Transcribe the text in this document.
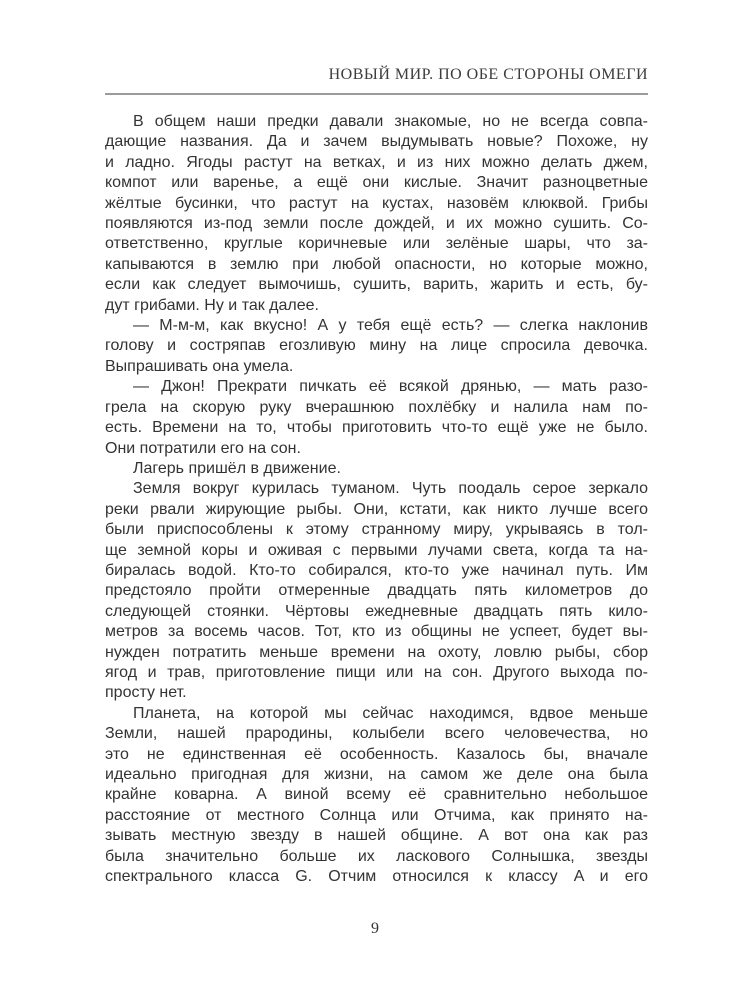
НОВЫЙ МИР. ПО ОБЕ СТОРОНЫ ОМЕГИ
В общем наши предки давали знакомые, но не всегда совпа-
дающие названия. Да и зачем выдумывать новые? Похоже, ну
и ладно. Ягоды растут на ветках, и из них можно делать джем,
компот или варенье, а ещё они кислые. Значит разноцветные
жёлтые бусинки, что растут на кустах, назовём клюквой. Грибы
появляются из-под земли после дождей, и их можно сушить. Со-
ответственно, круглые коричневые или зелёные шары, что за-
капываются в землю при любой опасности, но которые можно,
если как следует вымочишь, сушить, варить, жарить и есть, бу-
дут грибами. Ну и так далее.
— М-м-м, как вкусно! А у тебя ещё есть? — слегка наклонив
голову и состряпав егозливую мину на лице спросила девочка.
Выпрашивать она умела.
— Джон! Прекрати пичкать её всякой дрянью, — мать разо-
грела на скорую руку вчерашнюю похлёбку и налила нам по-
есть. Времени на то, чтобы приготовить что-то ещё уже не было.
Они потратили его на сон.
Лагерь пришёл в движение.
Земля вокруг курилась туманом. Чуть поодаль серое зеркало
реки рвали жирующие рыбы. Они, кстати, как никто лучше всего
были приспособлены к этому странному миру, укрываясь в тол-
ще земной коры и оживая с первыми лучами света, когда та на-
биралась водой. Кто-то собирался, кто-то уже начинал путь. Им
предстояло пройти отмеренные двадцать пять километров до
следующей стоянки. Чёртовы ежедневные двадцать пять кило-
метров за восемь часов. Тот, кто из общины не успеет, будет вы-
нужден потратить меньше времени на охоту, ловлю рыбы, сбор
ягод и трав, приготовление пищи или на сон. Другого выхода по-
просту нет.
Планета, на которой мы сейчас находимся, вдвое меньше
Земли, нашей прародины, колыбели всего человечества, но
это не единственная её особенность. Казалось бы, вначале
идеально пригодная для жизни, на самом же деле она была
крайне коварна. А виной всему её сравнительно небольшое
расстояние от местного Солнца или Отчима, как принято на-
зывать местную звезду в нашей общине. А вот она как раз
была значительно больше их ласкового Солнышка, звезды
спектрального класса G. Отчим относился к классу A и его
9
